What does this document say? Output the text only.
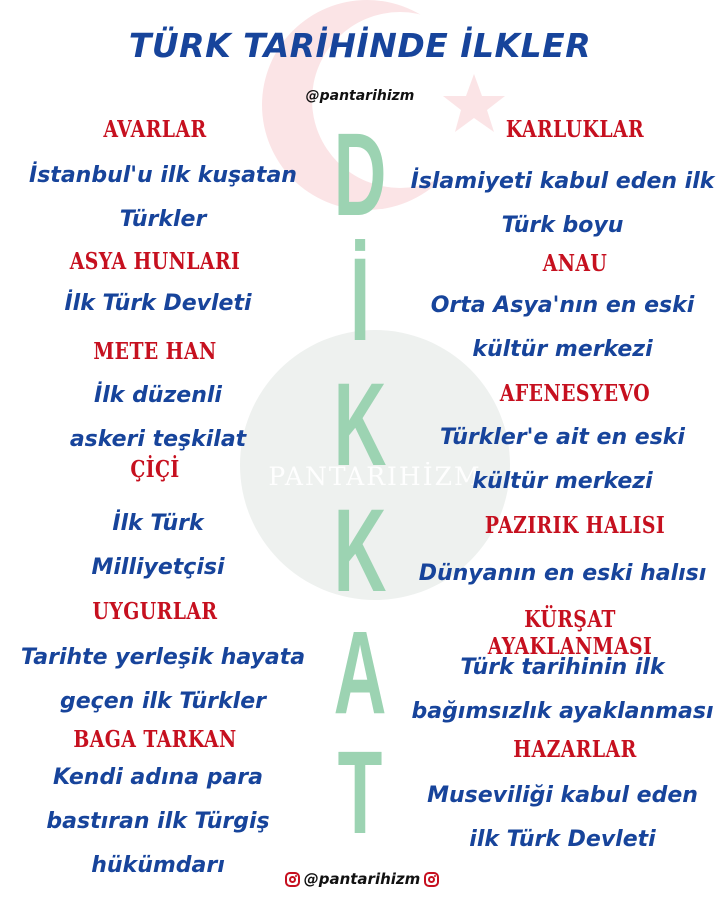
PANTARIHİZM
TÜRK TARİHİNDE İLKLER
@pantarihizm
D
İ
K
K
A
T
AVARLAR
İstanbul'u ilk kuşatan
Türkler
ASYA HUNLARI
İlk Türk Devleti
METE HAN
İlk düzenli
askeri teşkilat
ÇİÇİ
İlk Türk
Milliyetçisi
UYGURLAR
Tarihte yerleşik hayata
geçen ilk Türkler
BAGA TARKAN
Kendi adına para
bastıran ilk Türgiş
hükümdarı
KARLUKLAR
İslamiyeti kabul eden ilk
Türk boyu
ANAU
Orta Asya'nın en eski
kültür merkezi
AFENESYEVO
Türkler'e ait en eski
kültür merkezi
PAZIRIK HALISI
Dünyanın en eski halısı
KÜRŞAT AYAKLANMASI
Türk tarihinin ilk
bağımsızlık ayaklanması
HAZARLAR
Museviliği kabul eden
ilk Türk Devleti
@pantarihizm
